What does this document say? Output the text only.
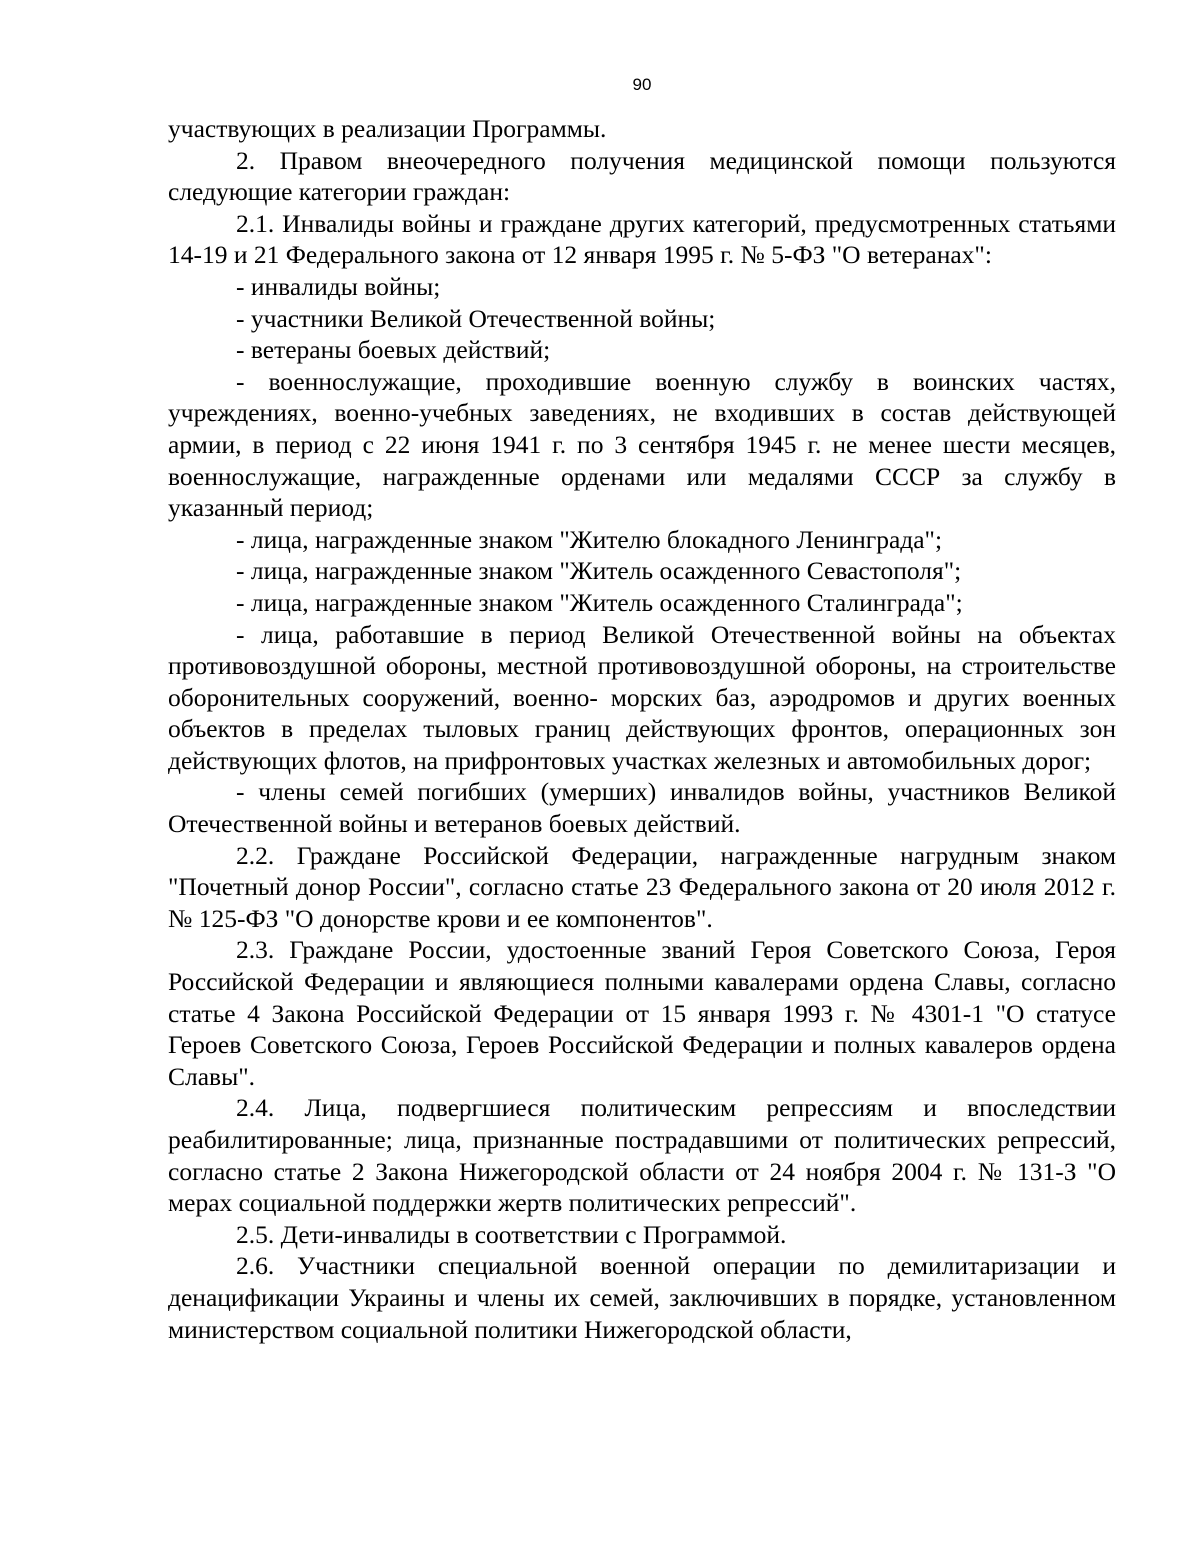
90

участвующих в реализации Программы.

2. Правом внеочередного получения медицинской помощи пользуются следующие категории граждан:

2.1. Инвалиды войны и граждане других категорий, предусмотренных статьями 14-19 и 21 Федерального закона от 12 января 1995 г. № 5-ФЗ "О ветеранах":

- инвалиды войны;

- участники Великой Отечественной войны;

- ветераны боевых действий;

- военнослужащие, проходившие военную службу в воинских частях, учреждениях, военно-учебных заведениях, не входивших в состав действующей армии, в период с 22 июня 1941 г. по 3 сентября 1945 г. не менее шести месяцев, военнослужащие, награжденные орденами или медалями СССР за службу в указанный период;

- лица, награжденные знаком "Жителю блокадного Ленинграда";

- лица, награжденные знаком "Житель осажденного Севастополя";

- лица, награжденные знаком "Житель осажденного Сталинграда";

- лица, работавшие в период Великой Отечественной войны на объектах противовоздушной обороны, местной противовоздушной обороны, на строительстве оборонительных сооружений, военно- морских баз, аэродромов и других военных объектов в пределах тыловых границ действующих фронтов, операционных зон действующих флотов, на прифронтовых участках железных и автомобильных дорог;

- члены семей погибших (умерших) инвалидов войны, участников Великой Отечественной войны и ветеранов боевых действий.

2.2. Граждане Российской Федерации, награжденные нагрудным знаком "Почетный донор России", согласно статье 23 Федерального закона от 20 июля 2012 г. № 125-ФЗ "О донорстве крови и ее компонентов".

2.3. Граждане России, удостоенные званий Героя Советского Союза, Героя Российской Федерации и являющиеся полными кавалерами ордена Славы, согласно статье 4 Закона Российской Федерации от 15 января 1993 г. № 4301-1 "О статусе Героев Советского Союза, Героев Российской Федерации и полных кавалеров ордена Славы".

2.4. Лица, подвергшиеся политическим репрессиям и впоследствии реабилитированные; лица, признанные пострадавшими от политических репрессий, согласно статье 2 Закона Нижегородской области от 24 ноября 2004 г. № 131-З "О мерах социальной поддержки жертв политических репрессий".

2.5. Дети-инвалиды в соответствии с Программой.

2.6. Участники специальной военной операции по демилитаризации и денацификации Украины и члены их семей, заключивших в порядке, установленном министерством социальной политики Нижегородской области,
